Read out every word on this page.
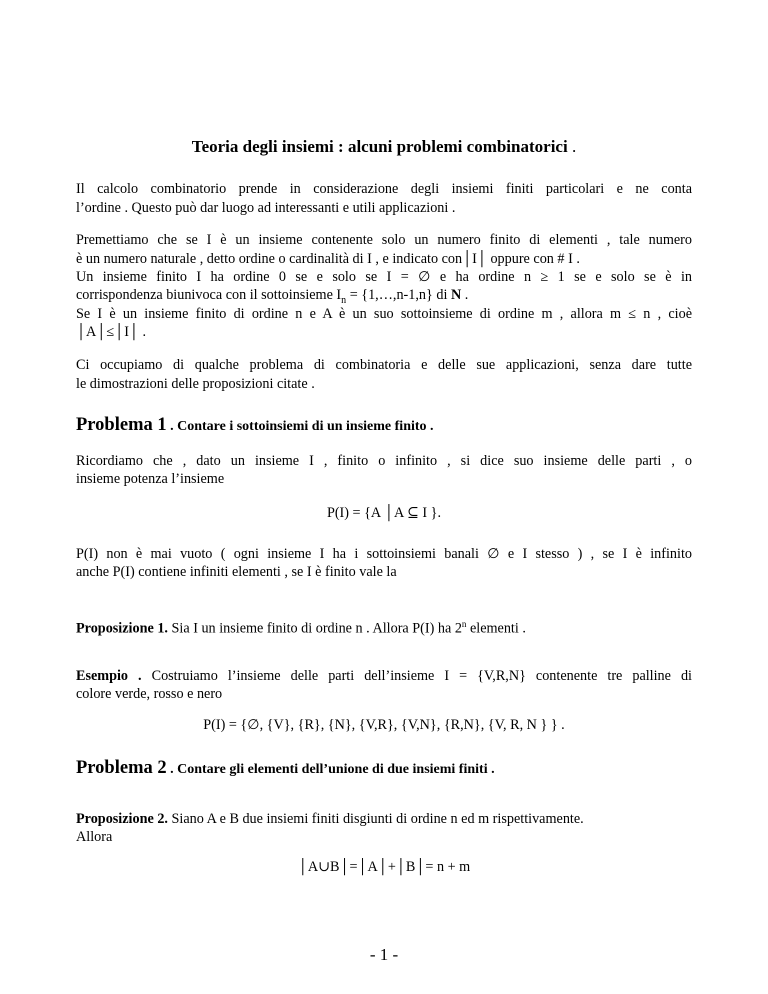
Teoria degli insiemi : alcuni problemi combinatorici .
Il calcolo combinatorio prende in considerazione degli insiemi finiti particolari e ne conta
l’ordine . Questo può dar luogo ad interessanti e utili applicazioni .
Premettiamo che se I è un insieme contenente solo un numero finito di elementi , tale numero
è un numero naturale , detto ordine o cardinalità di I , e indicato con│I│ oppure con # I .
Un insieme finito I ha ordine 0 se e solo se I = ∅ e ha ordine n ≥ 1 se e solo se è in
corrispondenza biunivoca con il sottoinsieme $I_n$ = {1,…,n-1,n} di N .
Se I è un insieme finito di ordine n e A è un suo sottoinsieme di ordine m , allora m ≤ n , cioè
│A│≤│I│ .
Ci occupiamo di qualche problema di combinatoria e delle sue applicazioni, senza dare tutte
le dimostrazioni delle proposizioni citate .
Problema 1 . Contare i sottoinsiemi di un insieme finito .
Ricordiamo che , dato un insieme I , finito o infinito , si dice suo insieme delle parti , o
insieme potenza l’insieme
P(I) = {A │A ⊆ I }.
P(I) non è mai vuoto ( ogni insieme I ha i sottoinsiemi banali ∅ e I stesso ) , se I è infinito
anche P(I) contiene infiniti elementi , se I è finito vale la
Proposizione 1. Sia I un insieme finito di ordine n . Allora P(I) ha 2$^n$ elementi .
Esempio . Costruiamo l’insieme delle parti dell’insieme I = {V,R,N} contenente tre palline di
colore verde, rosso e nero
P(I) = {∅, {V}, {R}, {N}, {V,R}, {V,N}, {R,N}, {V, R, N } } .
Problema 2 . Contare gli elementi dell’unione di due insiemi finiti .
Proposizione 2. Siano A e B due insiemi finiti disgiunti di ordine n ed m rispettivamente.
Allora
│A∪B│=│A│+│B│= n + m
- 1 -
